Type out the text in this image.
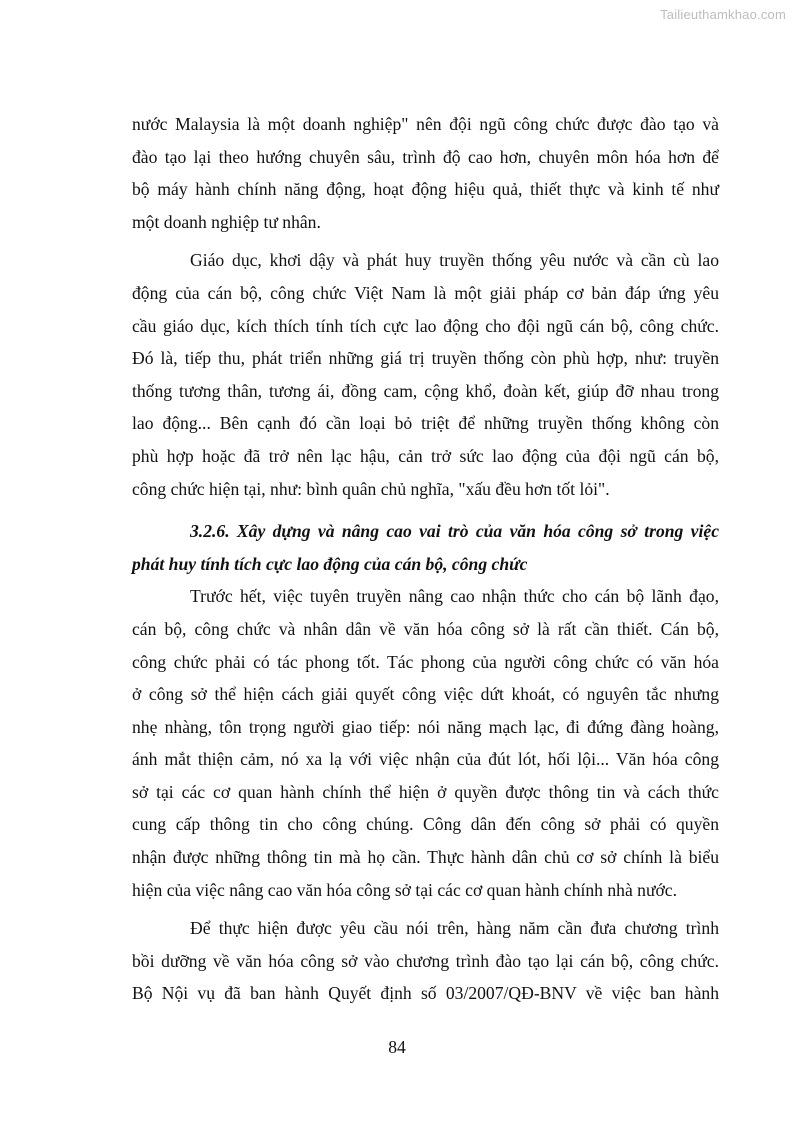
Tailieuthamkhao.com
nước Malaysia là một doanh nghiệp" nên đội ngũ công chức được đào tạo và
đào tạo lại theo hướng chuyên sâu, trình độ cao hơn, chuyên môn hóa hơn để
bộ máy hành chính năng động, hoạt động hiệu quả, thiết thực và kinh tế như
một doanh nghiệp tư nhân.
Giáo dục, khơi dậy và phát huy truyền thống yêu nước và cần cù lao
động của cán bộ, công chức Việt Nam là một giải pháp cơ bản đáp ứng yêu
cầu giáo dục, kích thích tính tích cực lao động cho đội ngũ cán bộ, công chức.
Đó là, tiếp thu, phát triển những giá trị truyền thống còn phù hợp, như: truyền
thống tương thân, tương ái, đồng cam, cộng khổ, đoàn kết, giúp đỡ nhau trong
lao động... Bên cạnh đó cần loại bỏ triệt để những truyền thống không còn
phù hợp hoặc đã trở nên lạc hậu, cản trở sức lao động của đội ngũ cán bộ,
công chức hiện tại, như: bình quân chủ nghĩa, "xấu đều hơn tốt lỏi".
3.2.6. Xây dựng và nâng cao vai trò của văn hóa công sở trong việc
phát huy tính tích cực lao động của cán bộ, công chức
Trước hết, việc tuyên truyền nâng cao nhận thức cho cán bộ lãnh đạo,
cán bộ, công chức và nhân dân về văn hóa công sở là rất cần thiết. Cán bộ,
công chức phải có tác phong tốt. Tác phong của người công chức có văn hóa
ở công sở thể hiện cách giải quyết công việc dứt khoát, có nguyên tắc nhưng
nhẹ nhàng, tôn trọng người giao tiếp: nói năng mạch lạc, đi đứng đàng hoàng,
ánh mắt thiện cảm, nó xa lạ với việc nhận của đút lót, hối lội... Văn hóa công
sở tại các cơ quan hành chính thể hiện ở quyền được thông tin và cách thức
cung cấp thông tin cho công chúng. Công dân đến công sở phải có quyền
nhận được những thông tin mà họ cần. Thực hành dân chủ cơ sở chính là biểu
hiện của việc nâng cao văn hóa công sở tại các cơ quan hành chính nhà nước.
Để thực hiện được yêu cầu nói trên, hàng năm cần đưa chương trình
bồi dưỡng về văn hóa công sở vào chương trình đào tạo lại cán bộ, công chức.
Bộ Nội vụ đã ban hành Quyết định số 03/2007/QĐ-BNV về việc ban hành
84
